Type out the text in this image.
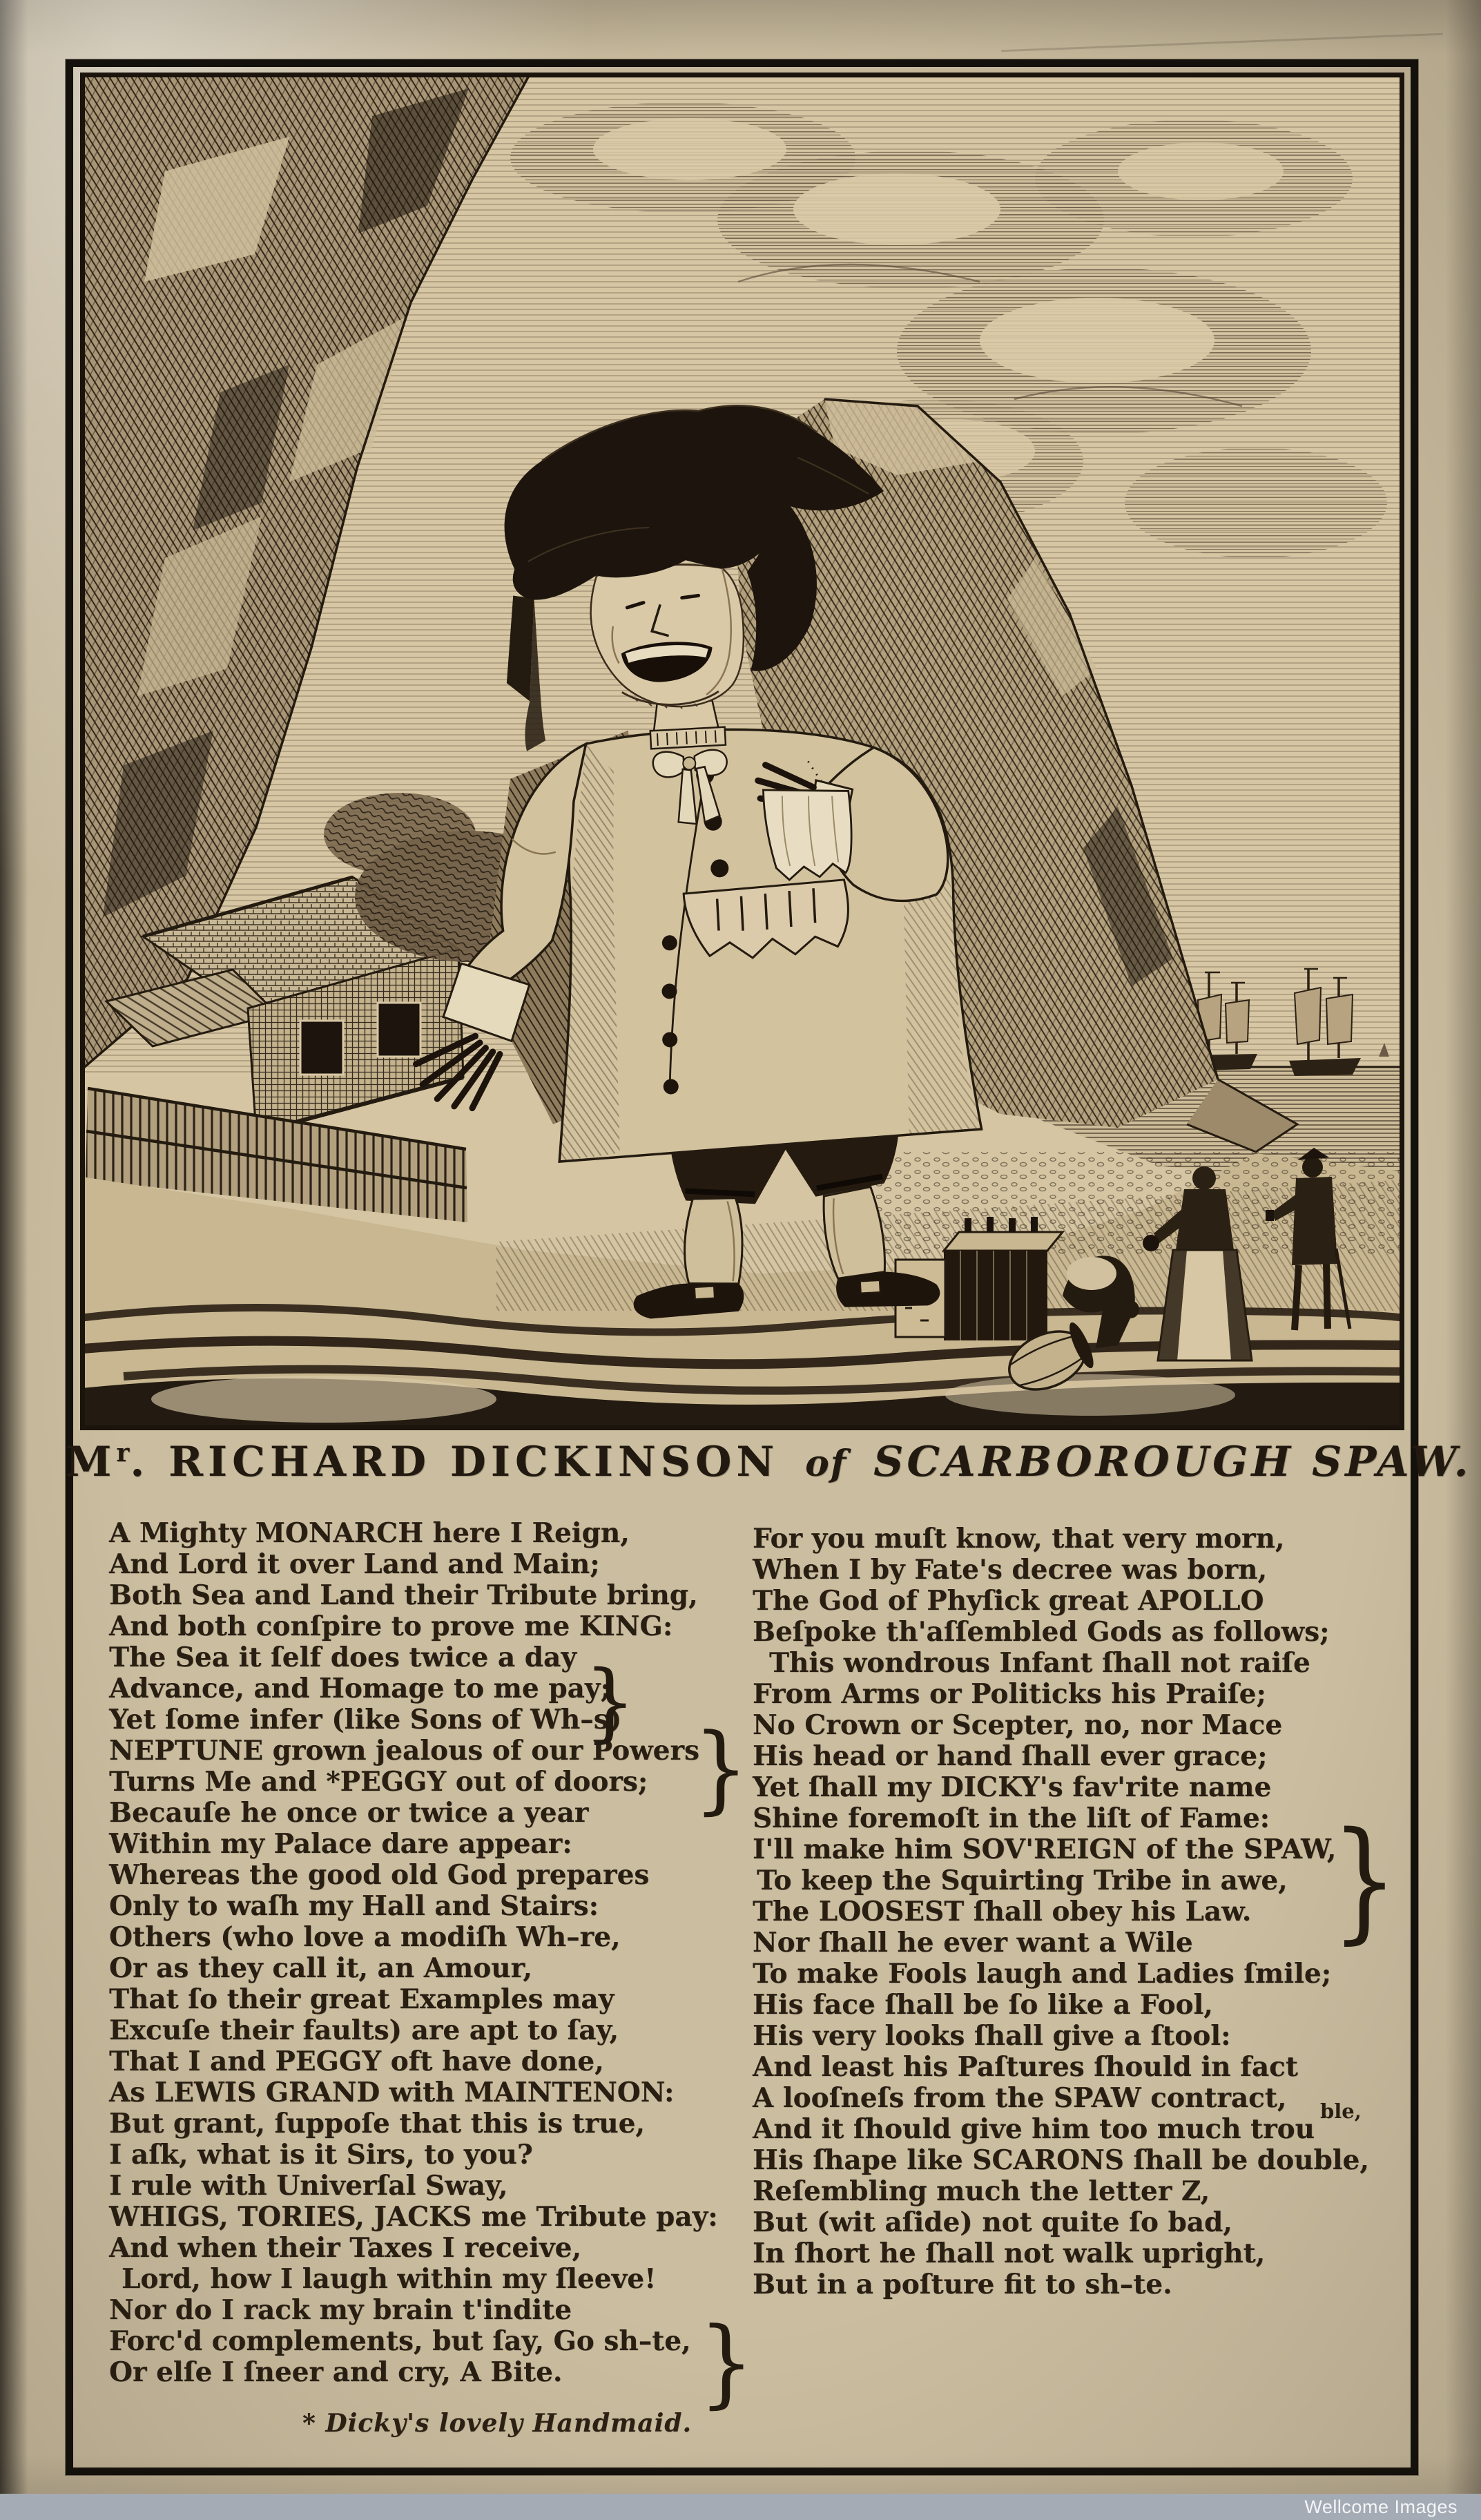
$M^r$. RICHARD DICKINSON of SCARBOROUGH SPAW.
A Mighty MONARCH here I Reign,
And Lord it over Land and Main;
Both Sea and Land their Tribute bring,
And both conſpire to prove me KING:
The Sea it ſelf does twice a day
Advance, and Homage to me pay;
Yet ſome infer (like Sons of Wh–s)
NEPTUNE grown jealous of our Powers
Turns Me and *PEGGY out of doors;
Becauſe he once or twice a year
Within my Palace dare appear:
Whereas the good old God prepares
Only to waſh my Hall and Stairs:
Others (who love a modiſh Wh–re,
Or as they call it, an Amour,
That ſo their great Examples may
Excuſe their faults) are apt to ſay,
That I and PEGGY oft have done,
As LEWIS GRAND with MAINTENON:
But grant, ſuppoſe that this is true,
I aſk, what is it Sirs, to you?
I rule with Univerſal Sway,
WHIGS, TORIES, JACKS me Tribute pay:
And when their Taxes I receive,
Lord, how I laugh within my ſleeve!
Nor do I rack my brain t'indite
Forc'd complements, but ſay, Go sh–te,
Or elſe I ſneer and cry, A Bite.
For you muſt know, that very morn,
When I by Fate's decree was born,
The God of Phyſick great APOLLO
Beſpoke th'aſſembled Gods as follows;
This wondrous Infant ſhall not raiſe
From Arms or Politicks his Praiſe;
No Crown or Scepter, no, nor Mace
His head or hand ſhall ever grace;
Yet ſhall my DICKY's fav'rite name
Shine foremoſt in the liſt of Fame:
I'll make him SOV'REIGN of the SPAW,
To keep the Squirting Tribe in awe,
The LOOSEST ſhall obey his Law.
Nor ſhall he ever want a Wile
To make Fools laugh and Ladies ſmile;
His face ſhall be ſo like a Fool,
His very looks ſhall give a ſtool:
And least his Paſtures ſhould in fact
A looſneſs from the SPAW contract,
And it ſhould give him too much trou
His ſhape like SCARONS ſhall be double,
Reſembling much the letter Z,
But (wit aſide) not quite ſo bad,
In ſhort he ſhall not walk upright,
But in a poſture fit to sh–te.
}
}
}
}
ble,
* Dicky's lovely Handmaid.
Wellcome Images
